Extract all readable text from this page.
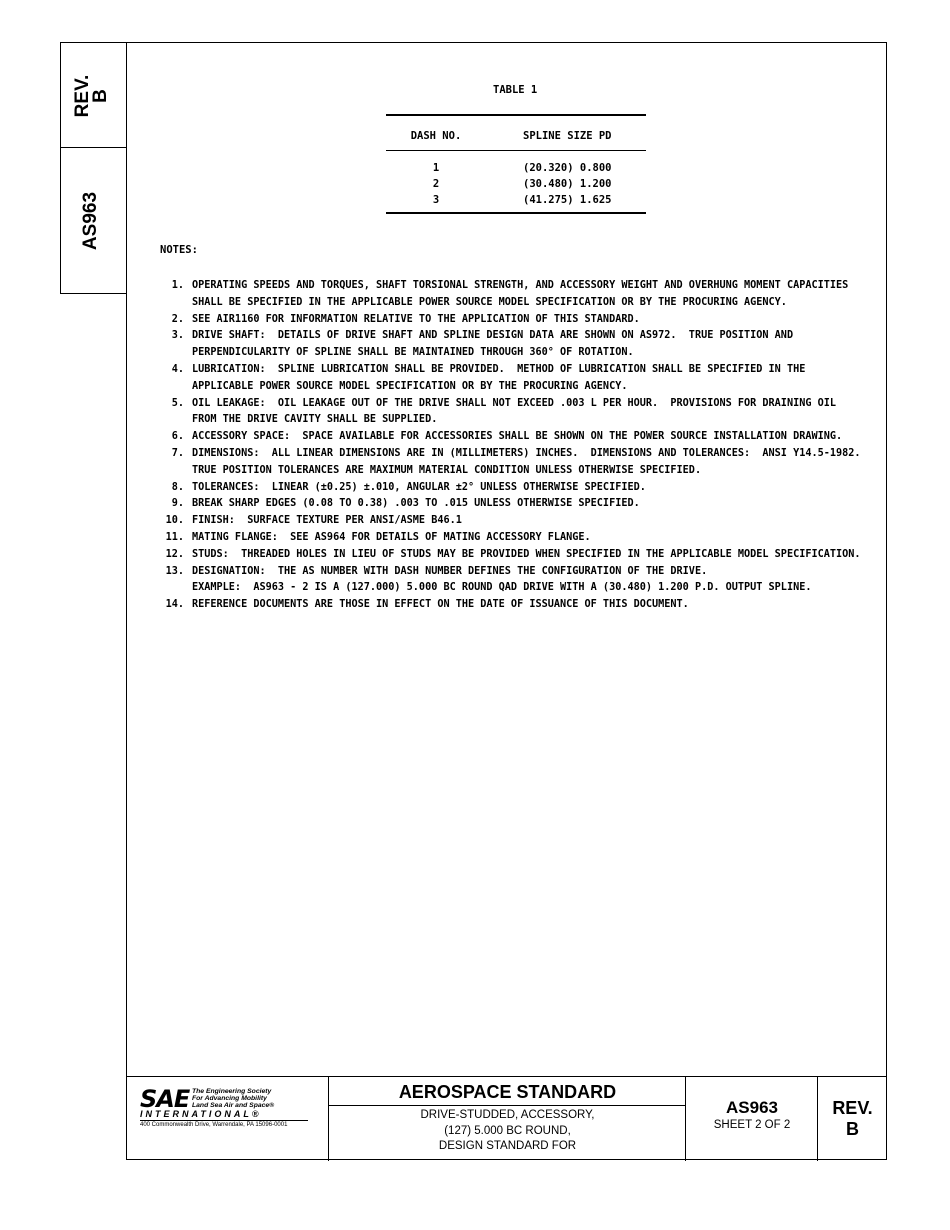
REV.
B
AS963
TABLE 1
DASH NO.	SPLINE SIZE PD
1	(20.320) 0.800
2	(30.480) 1.200
3	(41.275) 1.625
NOTES:
1. OPERATING SPEEDS AND TORQUES, SHAFT TORSIONAL STRENGTH, AND ACCESSORY WEIGHT AND OVERHUNG MOMENT CAPACITIES SHALL BE SPECIFIED IN THE APPLICABLE POWER SOURCE MODEL SPECIFICATION OR BY THE PROCURING AGENCY.
2. SEE AIR1160 FOR INFORMATION RELATIVE TO THE APPLICATION OF THIS STANDARD.
3. DRIVE SHAFT:  DETAILS OF DRIVE SHAFT AND SPLINE DESIGN DATA ARE SHOWN ON AS972.  TRUE POSITION AND PERPENDICULARITY OF SPLINE SHALL BE MAINTAINED THROUGH 360° OF ROTATION.
4. LUBRICATION:  SPLINE LUBRICATION SHALL BE PROVIDED.  METHOD OF LUBRICATION SHALL BE SPECIFIED IN THE APPLICABLE POWER SOURCE MODEL SPECIFICATION OR BY THE PROCURING AGENCY.
5. OIL LEAKAGE:  OIL LEAKAGE OUT OF THE DRIVE SHALL NOT EXCEED .003 L PER HOUR.  PROVISIONS FOR DRAINING OIL FROM THE DRIVE CAVITY SHALL BE SUPPLIED.
6. ACCESSORY SPACE:  SPACE AVAILABLE FOR ACCESSORIES SHALL BE SHOWN ON THE POWER SOURCE INSTALLATION DRAWING.
7. DIMENSIONS:  ALL LINEAR DIMENSIONS ARE IN (MILLIMETERS) INCHES.  DIMENSIONS AND TOLERANCES:  ANSI Y14.5-1982.  TRUE POSITION TOLERANCES ARE MAXIMUM MATERIAL CONDITION UNLESS OTHERWISE SPECIFIED.
8. TOLERANCES:  LINEAR (±0.25) ±.010, ANGULAR ±2° UNLESS OTHERWISE SPECIFIED.
9. BREAK SHARP EDGES (0.08 TO 0.38) .003 TO .015 UNLESS OTHERWISE SPECIFIED.
10. FINISH:  SURFACE TEXTURE PER ANSI/ASME B46.1
11. MATING FLANGE:  SEE AS964 FOR DETAILS OF MATING ACCESSORY FLANGE.
12. STUDS:  THREADED HOLES IN LIEU OF STUDS MAY BE PROVIDED WHEN SPECIFIED IN THE APPLICABLE MODEL SPECIFICATION.
13. DESIGNATION:  THE AS NUMBER WITH DASH NUMBER DEFINES THE CONFIGURATION OF THE DRIVE.
EXAMPLE:  AS963 - 2 IS A (127.000) 5.000 BC ROUND QAD DRIVE WITH A (30.480) 1.200 P.D. OUTPUT SPLINE.
14. REFERENCE DOCUMENTS ARE THOSE IN EFFECT ON THE DATE OF ISSUANCE OF THIS DOCUMENT.
SAE The Engineering Society
For Advancing Mobility
Land Sea Air and Space®
INTERNATIONAL®
400 Commonwealth Drive, Warrendale, PA 15096-0001
AEROSPACE STANDARD
DRIVE-STUDDED, ACCESSORY,
(127) 5.000 BC ROUND,
DESIGN STANDARD FOR
AS963
SHEET 2 OF 2
REV.
B
